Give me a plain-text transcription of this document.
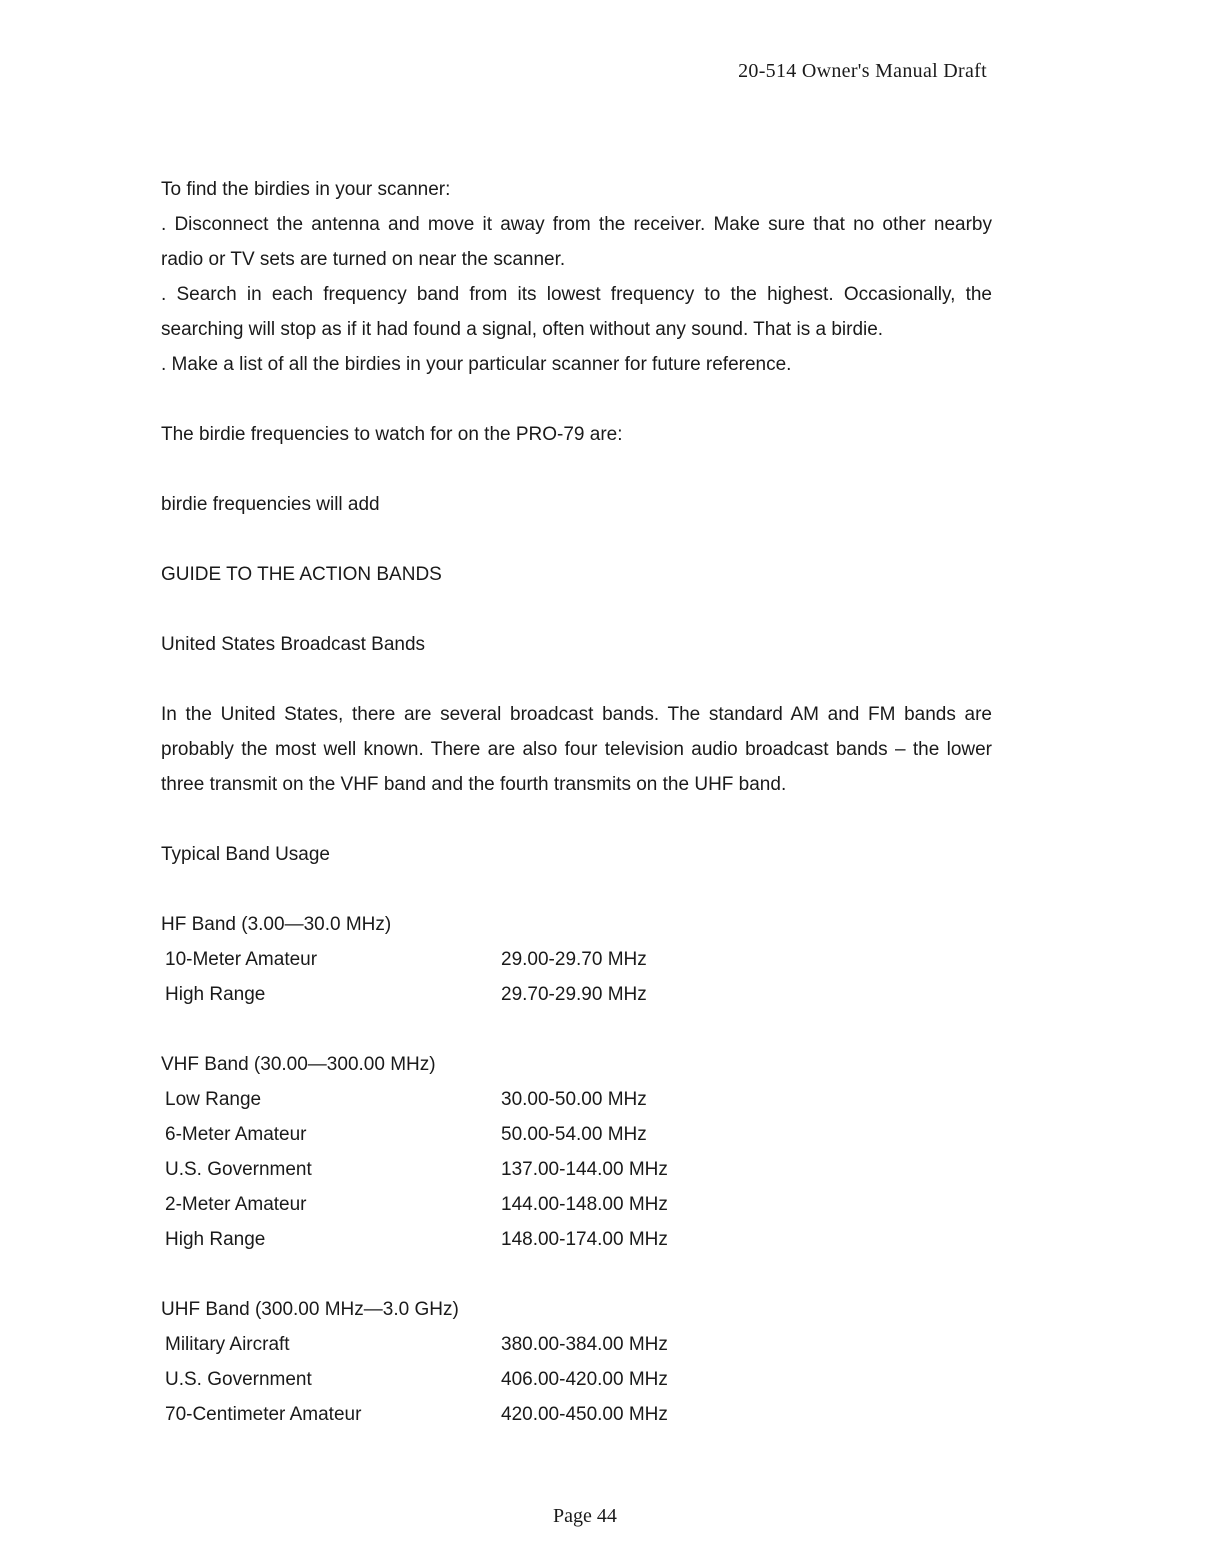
20-514 Owner's Manual Draft

To find the birdies in your scanner:

. Disconnect the antenna and move it away from the receiver. Make sure that no other nearby radio or TV sets are turned on near the scanner.

. Search in each frequency band from its lowest frequency to the highest. Occasionally, the searching will stop as if it had found a signal, often without any sound. That is a birdie.

. Make a list of all the birdies in your particular scanner for future reference.

The birdie frequencies to watch for on the PRO-79 are:

birdie frequencies will add

GUIDE TO THE ACTION BANDS

United States Broadcast Bands

In the United States, there are several broadcast bands. The standard AM and FM bands are probably the most well known. There are also four television audio broadcast bands – the lower three transmit on the VHF band and the fourth transmits on the UHF band.

Typical Band Usage

HF Band (3.00—30.0 MHz)

10-Meter Amateur	29.00-29.70 MHz
High Range	29.70-29.90 MHz

VHF Band (30.00—300.00 MHz)

Low Range	30.00-50.00 MHz
6-Meter Amateur	50.00-54.00 MHz
U.S. Government	137.00-144.00 MHz
2-Meter Amateur	144.00-148.00 MHz
High Range	148.00-174.00 MHz

UHF Band (300.00 MHz—3.0 GHz)

Military Aircraft	380.00-384.00 MHz
U.S. Government	406.00-420.00 MHz
70-Centimeter Amateur	420.00-450.00 MHz
Page 44
